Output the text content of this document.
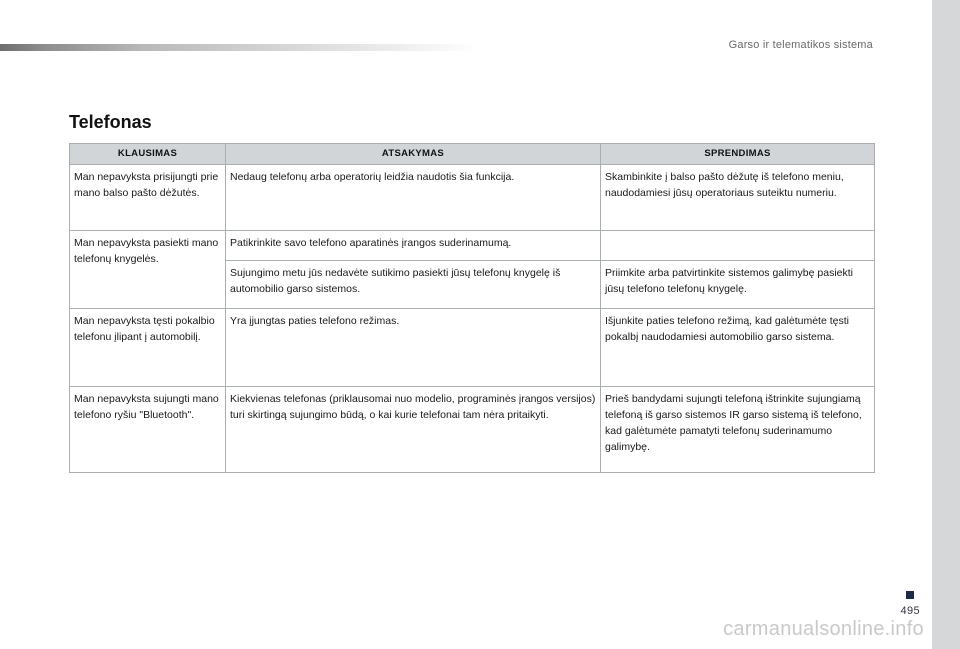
Garso ir telematikos sistema
Telefonas
KLAUSIMAS	ATSAKYMAS	SPRENDIMAS
Man nepavyksta prisijungti prie mano balso pašto dėžutės.	Nedaug telefonų arba operatorių leidžia naudotis šia funkcija.	Skambinkite į balso pašto dėžutę iš telefono meniu, naudodamiesi jūsų operatoriaus suteiktu numeriu.
Man nepavyksta pasiekti mano telefonų knygelės.	Patikrinkite savo telefono aparatinės įrangos suderinamumą.	
	Sujungimo metu jūs nedavėte sutikimo pasiekti jūsų telefonų knygelę iš automobilio garso sistemos.	Priimkite arba patvirtinkite sistemos galimybę pasiekti jūsų telefono telefonų knygelę.
Man nepavyksta tęsti pokalbio telefonu įlipant į automobilį.	Yra įjungtas paties telefono režimas.	Išjunkite paties telefono režimą, kad galėtumėte tęsti pokalbį naudodamiesi automobilio garso sistema.
Man nepavyksta sujungti mano telefono ryšiu "Bluetooth".	Kiekvienas telefonas (priklausomai nuo modelio, programinės įrangos versijos) turi skirtingą sujungimo būdą, o kai kurie telefonai tam nėra pritaikyti.	Prieš bandydami sujungti telefoną ištrinkite sujungiamą telefoną iš garso sistemos IR garso sistemą iš telefono, kad galėtumėte pamatyti telefonų suderinamumo galimybę.
495
carmanualsonline.info
